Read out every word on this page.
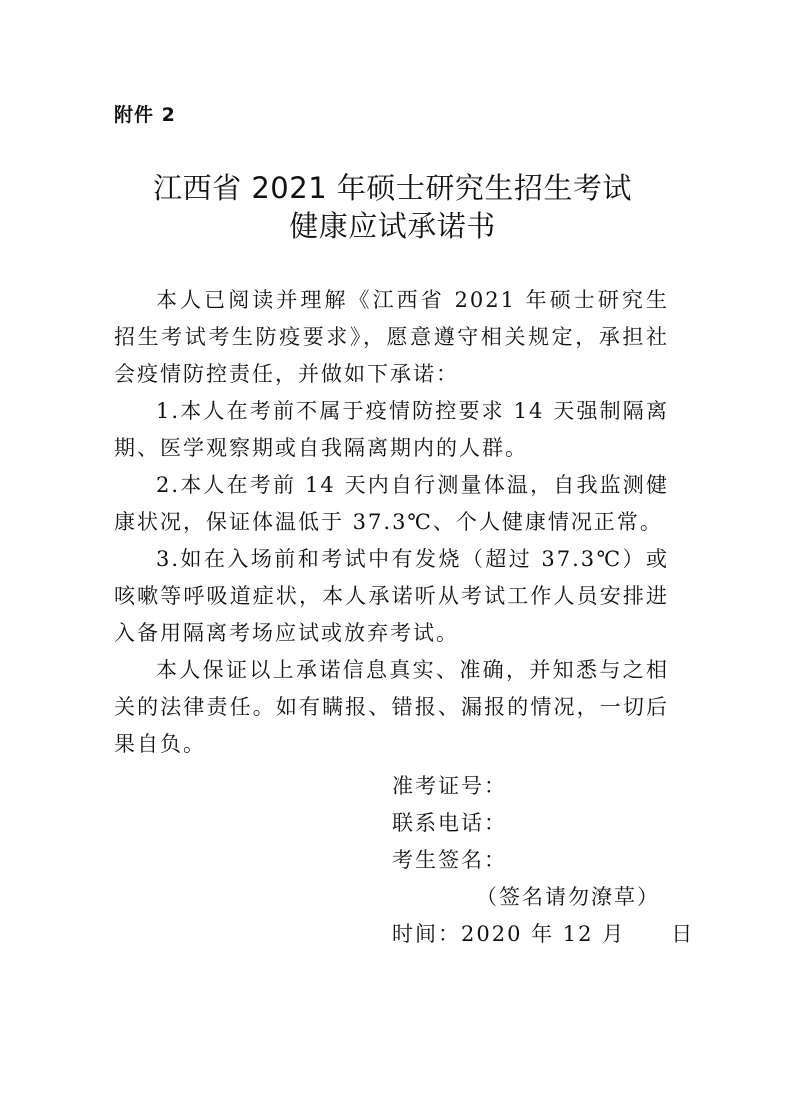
附件 2
江西省 2021 年硕士研究生招生考试
健康应试承诺书

本人已阅读并理解《江西省 2021 年硕士研究生招生考试考生防疫要求》，愿意遵守相关规定，承担社会疫情防控责任，并做如下承诺：

1.本人在考前不属于疫情防控要求 14 天强制隔离期、医学观察期或自我隔离期内的人群。

2.本人在考前 14 天内自行测量体温，自我监测健康状况，保证体温低于 37.3℃、个人健康情况正常。

3.如在入场前和考试中有发烧（超过 37.3℃）或咳嗽等呼吸道症状，本人承诺听从考试工作人员安排进入备用隔离考场应试或放弃考试。

本人保证以上承诺信息真实、准确，并知悉与之相关的法律责任。如有瞒报、错报、漏报的情况，一切后果自负。

准考证号：
联系电话：
考生签名：
（签名请勿潦草）
时间：2020 年 12 月 日
